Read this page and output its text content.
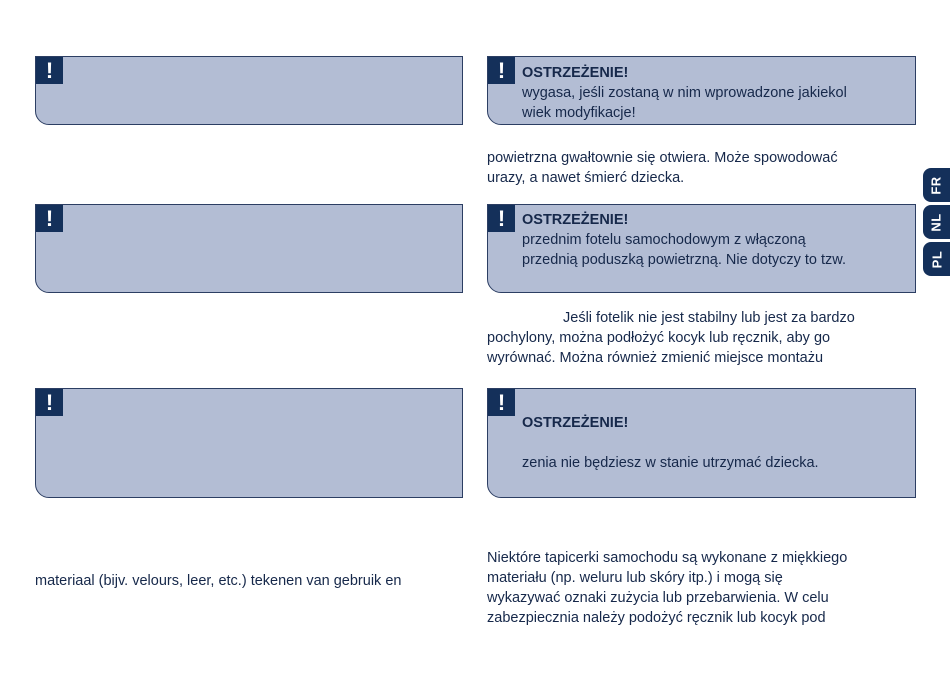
!
!
!
materiaal (bijv. velours, leer, etc.) tekenen van gebruik en
!	OSTRZEŻENIE!
wygasa, jeśli zostaną w nim wprowadzone jakiekol
wiek modyfikacje!
powietrzna gwałtownie się otwiera. Może spowodować
urazy, a nawet śmierć dziecka.
!	OSTRZEŻENIE!
przednim fotelu samochodowym z włączoną
przednią poduszką powietrzną. Nie dotyczy to tzw.
Jeśli fotelik nie jest stabilny lub jest za bardzo
pochylony, można podłożyć kocyk lub ręcznik, aby go
wyrównać. Można również zmienić miejsce montażu
!
OSTRZEŻENIE!
zenia nie będziesz w stanie utrzymać dziecka.
Niektóre tapicerki samochodu są wykonane z miękkiego
materiału (np. weluru lub skóry itp.) i mogą się
wykazywać oznaki zużycia lub przebarwienia. W celu
zabezpiecznia należy podożyć ręcznik lub kocyk pod
FR
NL
PL
